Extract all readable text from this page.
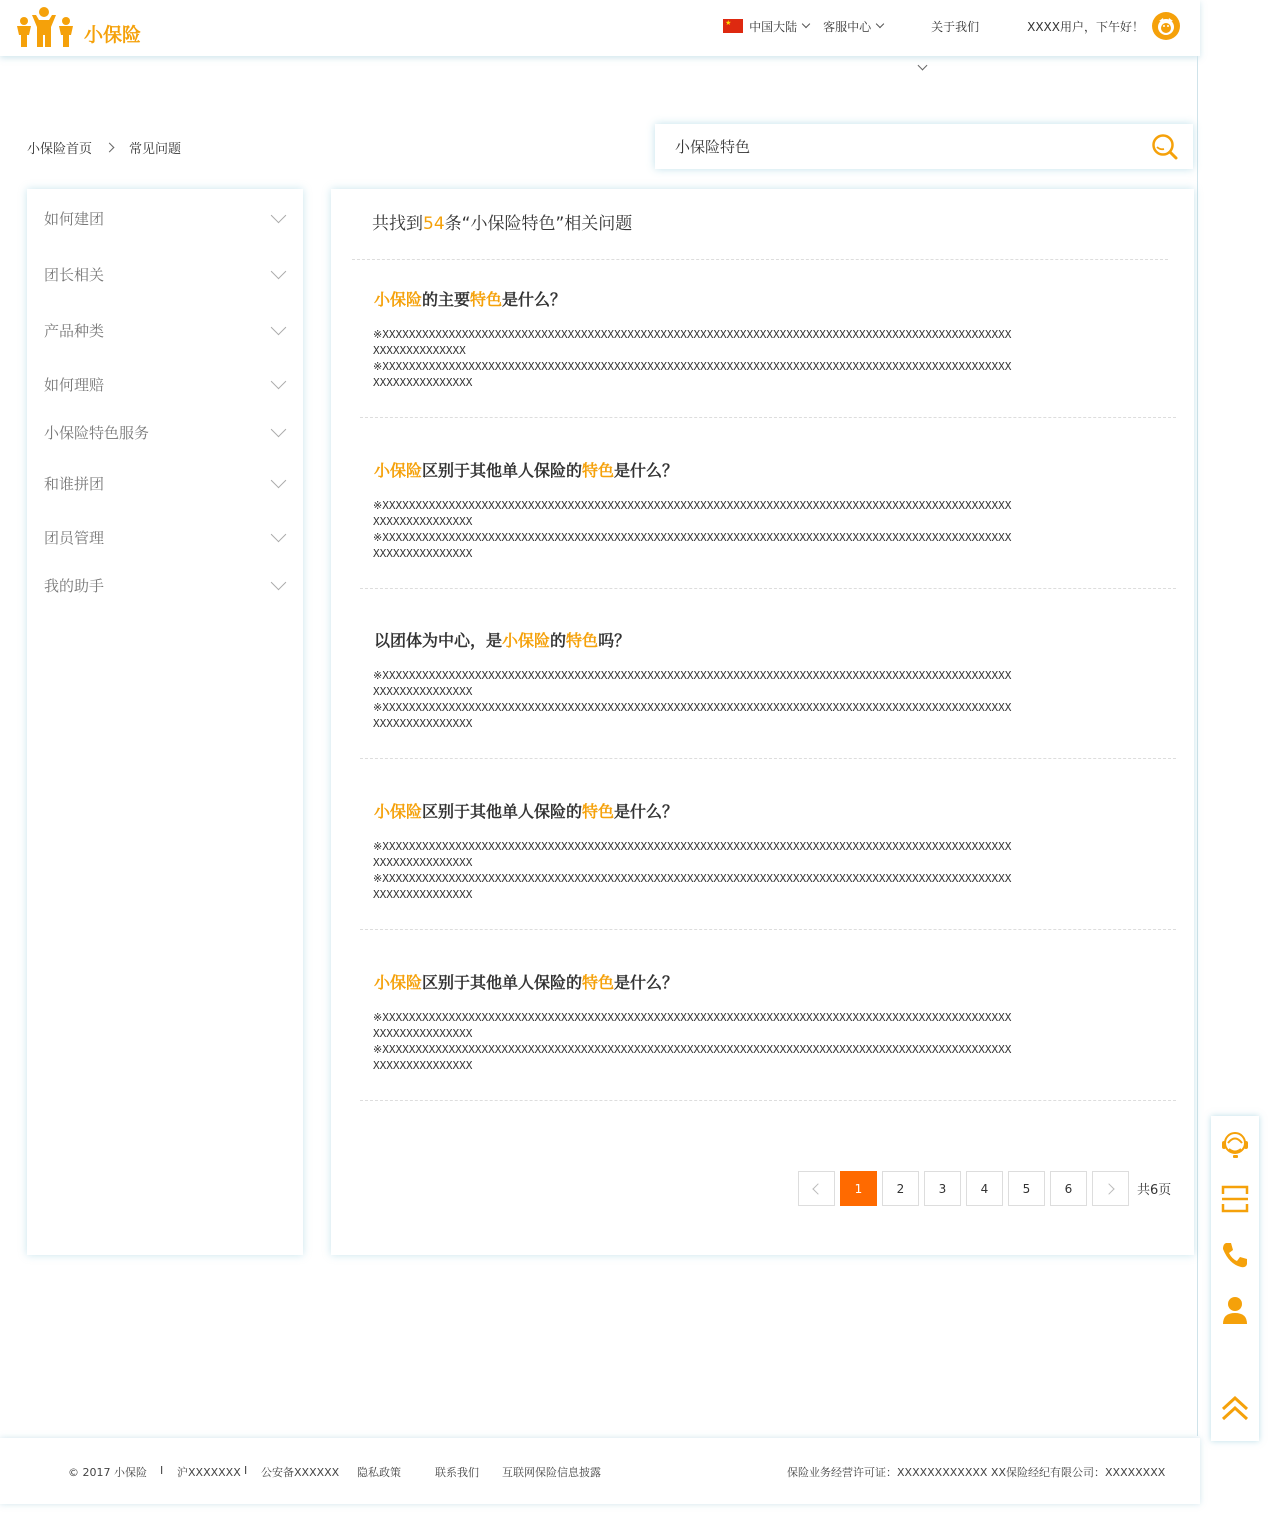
小保险
★	中国大陆 客服中心	关于我们	XXXX用户，下午好！
小保险首页	常见问题	小保险特色
如何建团
团长相关
产品种类
如何理赔
小保险特色服务
和谁拼团
团员管理
我的助手
共找到54条“小保险特色”相关问题
小保险的主要特色是什么？
※XXXXXXXXXXXXXXXXXXXXXXXXXXXXXXXXXXXXXXXXXXXXXXXXXXXXXXXXXXXXXXXXXXXXXXXXXXXXXXXXXXXXXXXXXXXXXXXXXXXXXXXXXXXXX
※XXXXXXXXXXXXXXXXXXXXXXXXXXXXXXXXXXXXXXXXXXXXXXXXXXXXXXXXXXXXXXXXXXXXXXXXXXXXXXXXXXXXXXXXXXXXXXXXXXXXXXXXXXXXXX
小保险区别于其他单人保险的特色是什么？
※XXXXXXXXXXXXXXXXXXXXXXXXXXXXXXXXXXXXXXXXXXXXXXXXXXXXXXXXXXXXXXXXXXXXXXXXXXXXXXXXXXXXXXXXXXXXXXXXXXXXXXXXXXXXXX
※XXXXXXXXXXXXXXXXXXXXXXXXXXXXXXXXXXXXXXXXXXXXXXXXXXXXXXXXXXXXXXXXXXXXXXXXXXXXXXXXXXXXXXXXXXXXXXXXXXXXXXXXXXXXXX
以团体为中心，是小保险的特色吗？
※XXXXXXXXXXXXXXXXXXXXXXXXXXXXXXXXXXXXXXXXXXXXXXXXXXXXXXXXXXXXXXXXXXXXXXXXXXXXXXXXXXXXXXXXXXXXXXXXXXXXXXXXXXXXXX
※XXXXXXXXXXXXXXXXXXXXXXXXXXXXXXXXXXXXXXXXXXXXXXXXXXXXXXXXXXXXXXXXXXXXXXXXXXXXXXXXXXXXXXXXXXXXXXXXXXXXXXXXXXXXXX
小保险区别于其他单人保险的特色是什么？
※XXXXXXXXXXXXXXXXXXXXXXXXXXXXXXXXXXXXXXXXXXXXXXXXXXXXXXXXXXXXXXXXXXXXXXXXXXXXXXXXXXXXXXXXXXXXXXXXXXXXXXXXXXXXXX
※XXXXXXXXXXXXXXXXXXXXXXXXXXXXXXXXXXXXXXXXXXXXXXXXXXXXXXXXXXXXXXXXXXXXXXXXXXXXXXXXXXXXXXXXXXXXXXXXXXXXXXXXXXXXXX
小保险区别于其他单人保险的特色是什么？
※XXXXXXXXXXXXXXXXXXXXXXXXXXXXXXXXXXXXXXXXXXXXXXXXXXXXXXXXXXXXXXXXXXXXXXXXXXXXXXXXXXXXXXXXXXXXXXXXXXXXXXXXXXXXXX
※XXXXXXXXXXXXXXXXXXXXXXXXXXXXXXXXXXXXXXXXXXXXXXXXXXXXXXXXXXXXXXXXXXXXXXXXXXXXXXXXXXXXXXXXXXXXXXXXXXXXXXXXXXXXXX
1	2	3	4	5	6	共6页
© 2017 小保险 I 沪XXXXXXX I 公安备XXXXXX 隐私政策	联系我们 互联网保险信息披露	保险业务经营许可证：XXXXXXXXXXXX XX保险经纪有限公司：XXXXXXXX
